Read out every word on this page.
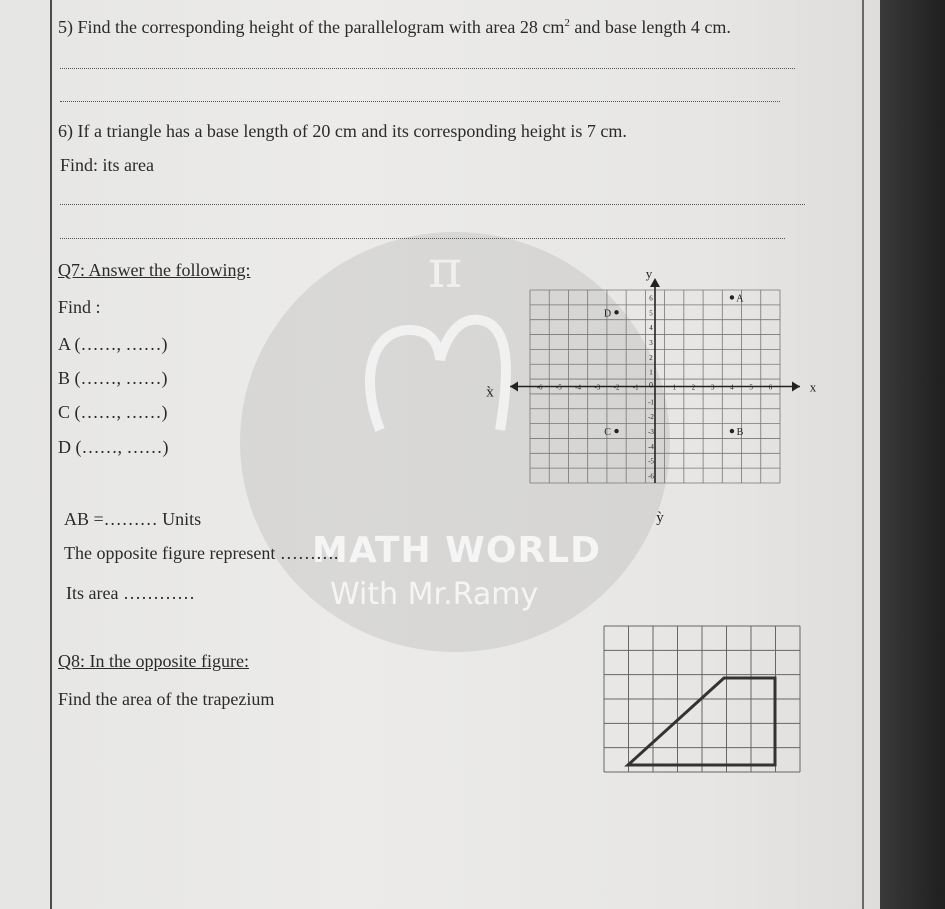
π
MATH WORLD
With Mr.Ramy
5) Find the corresponding height of the parallelogram with area 28 $cm^2$ and base length 4 cm.
6) If a triangle has a base length of 20 cm and its corresponding height is 7 cm.
Find: its area
Q7: Answer the following:
Find :
A (……, ……)
B (……, ……)
C (……, ……)
D (……, ……)
AB =……… Units
The opposite figure represent ……….
Its area …………
y
x
x̀
ỳ
0
-6 -5 -4 -3 -2 -1	1 2 3 4 5 6
6
5
4
3
2
1
-1
-2
-3
-4
-5
-6
A
B
C
D
Q8: In the opposite figure:
Find the area of the trapezium
